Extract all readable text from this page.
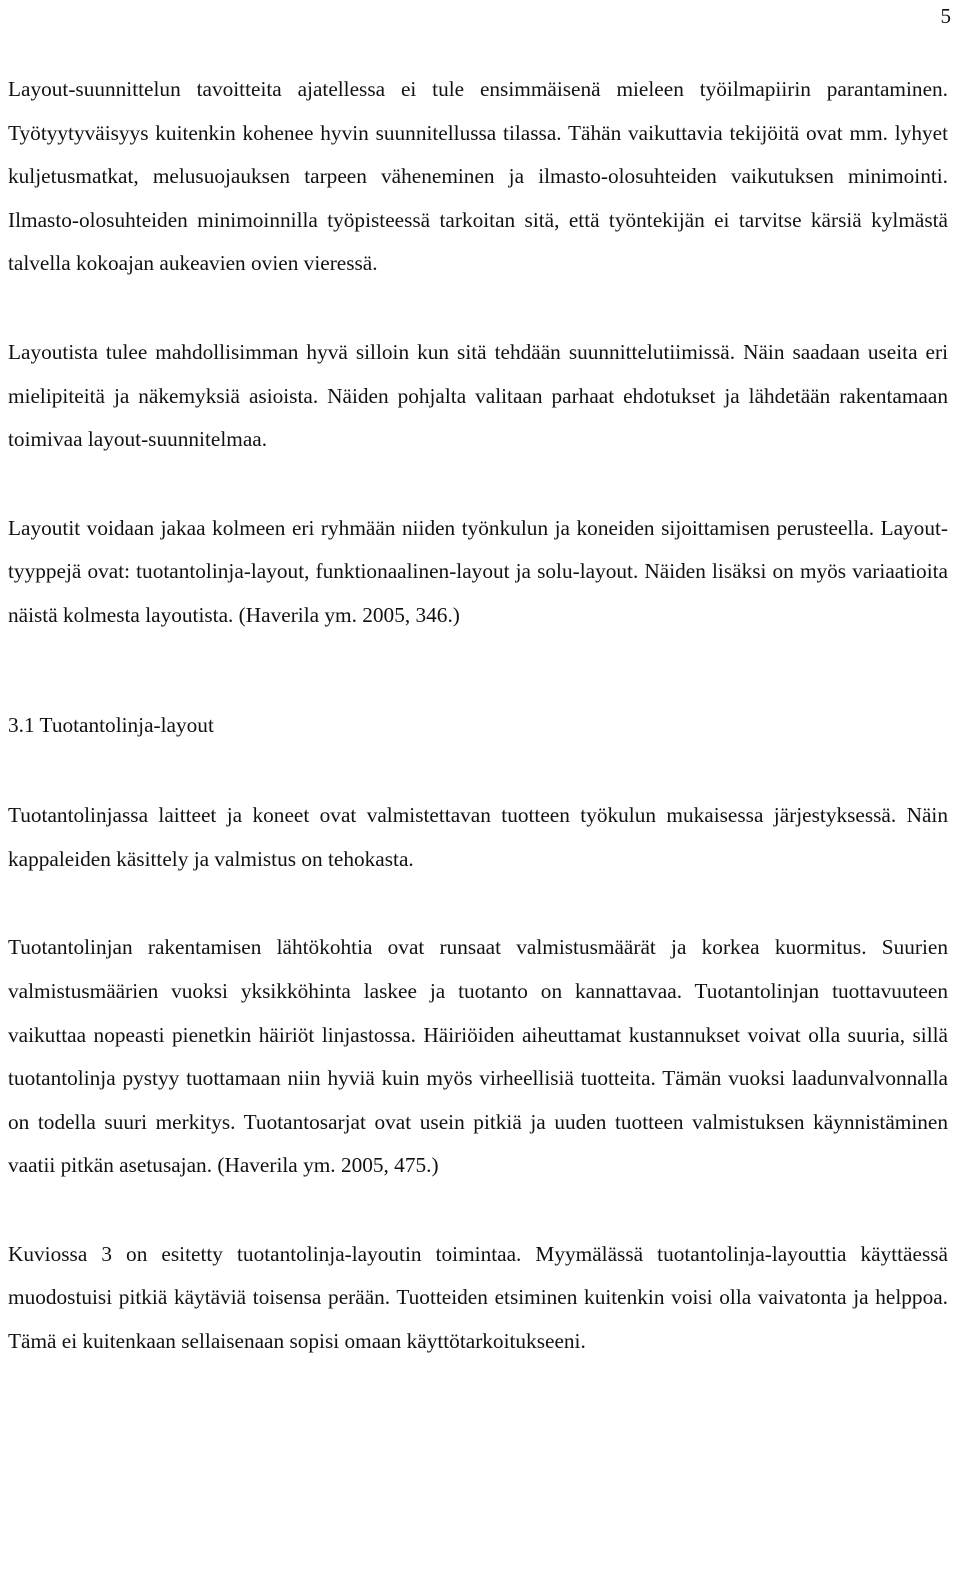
5

Layout-suunnittelun tavoitteita ajatellessa ei tule ensimmäisenä mieleen työilmapiirin parantaminen. Työtyytyväisyys kuitenkin kohenee hyvin suunnitellussa tilassa. Tähän vaikuttavia tekijöitä ovat mm. lyhyet kuljetusmatkat, melusuojauksen tarpeen väheneminen ja ilmasto-olosuhteiden vaikutuksen minimointi. Ilmasto-olosuhteiden minimoinnilla työpisteessä tarkoitan sitä, että työntekijän ei tarvitse kärsiä kylmästä talvella kokoajan aukeavien ovien vieressä.

Layoutista tulee mahdollisimman hyvä silloin kun sitä tehdään suunnittelutiimissä. Näin saadaan useita eri mielipiteitä ja näkemyksiä asioista. Näiden pohjalta valitaan parhaat ehdotukset ja lähdetään rakentamaan toimivaa layout-suunnitelmaa.

Layoutit voidaan jakaa kolmeen eri ryhmään niiden työnkulun ja koneiden sijoittamisen perusteella. Layout-tyyppejä ovat: tuotantolinja-layout, funktionaalinen-layout ja solu-layout. Näiden lisäksi on myös variaatioita näistä kolmesta layoutista. (Haverila ym. 2005, 346.)

3.1 Tuotantolinja-layout

Tuotantolinjassa laitteet ja koneet ovat valmistettavan tuotteen työkulun mukaisessa järjestyksessä. Näin kappaleiden käsittely ja valmistus on tehokasta.

Tuotantolinjan rakentamisen lähtökohtia ovat runsaat valmistusmäärät ja korkea kuormitus. Suurien valmistusmäärien vuoksi yksikköhinta laskee ja tuotanto on kannattavaa. Tuotantolinjan tuottavuuteen vaikuttaa nopeasti pienetkin häiriöt linjastossa. Häiriöiden aiheuttamat kustannukset voivat olla suuria, sillä tuotantolinja pystyy tuottamaan niin hyviä kuin myös virheellisiä tuotteita. Tämän vuoksi laadunvalvonnalla on todella suuri merkitys. Tuotantosarjat ovat usein pitkiä ja uuden tuotteen valmistuksen käynnistäminen vaatii pitkän asetusajan. (Haverila ym. 2005, 475.)

Kuviossa 3 on esitetty tuotantolinja-layoutin toimintaa. Myymälässä tuotantolinja-layouttia käyttäessä muodostuisi pitkiä käytäviä toisensa perään. Tuotteiden etsiminen kuitenkin voisi olla vaivatonta ja helppoa. Tämä ei kuitenkaan sellaisenaan sopisi omaan käyttötarkoitukseeni.
